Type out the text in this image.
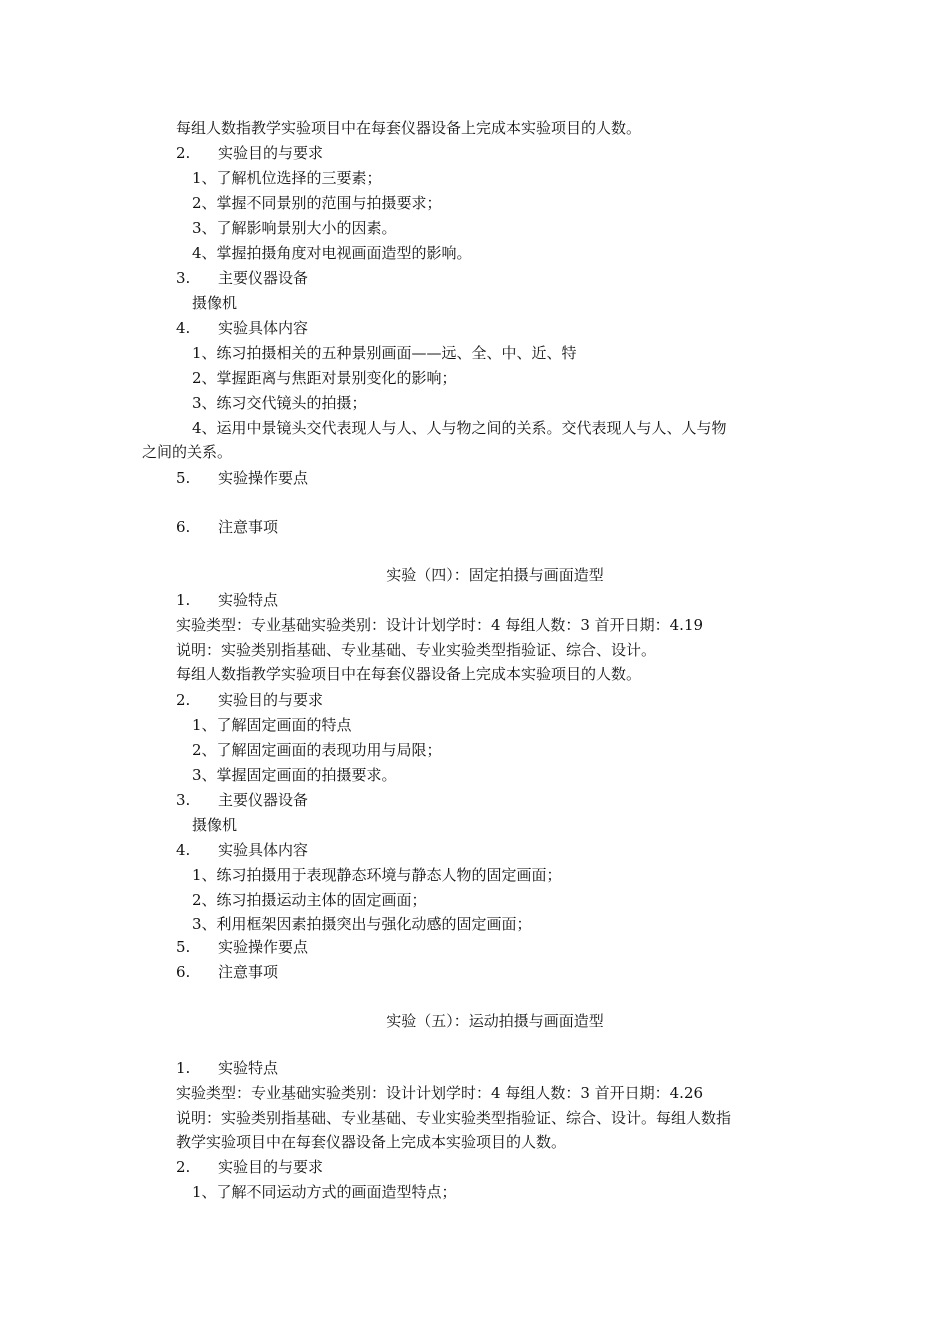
每组人数指教学实验项目中在每套仪器设备上完成本实验项目的人数。
2. 实验目的与要求
1、了解机位选择的三要素；
2、掌握不同景别的范围与拍摄要求；
3、了解影响景别大小的因素。
4、掌握拍摄角度对电视画面造型的影响。
3. 主要仪器设备
摄像机
4. 实验具体内容
1、练习拍摄相关的五种景别画面——远、全、中、近、特
2、掌握距离与焦距对景别变化的影响；
3、练习交代镜头的拍摄；
4、运用中景镜头交代表现人与人、人与物之间的关系。交代表现人与人、人与物
之间的关系。
5. 实验操作要点
6. 注意事项
实验（四）：固定拍摄与画面造型
1. 实验特点
实验类型：专业基础实验类别：设计计划学时：4 每组人数：3 首开日期：4.19
说明：实验类别指基础、专业基础、专业实验类型指验证、综合、设计。
每组人数指教学实验项目中在每套仪器设备上完成本实验项目的人数。
2. 实验目的与要求
1、了解固定画面的特点
2、了解固定画面的表现功用与局限；
3、掌握固定画面的拍摄要求。
3. 主要仪器设备
摄像机
4. 实验具体内容
1、练习拍摄用于表现静态环境与静态人物的固定画面；
2、练习拍摄运动主体的固定画面；
3、利用框架因素拍摄突出与强化动感的固定画面；
5. 实验操作要点
6. 注意事项
实验（五）：运动拍摄与画面造型
1. 实验特点
实验类型：专业基础实验类别：设计计划学时：4 每组人数：3 首开日期：4.26
说明：实验类别指基础、专业基础、专业实验类型指验证、综合、设计。每组人数指
教学实验项目中在每套仪器设备上完成本实验项目的人数。
2. 实验目的与要求
1、了解不同运动方式的画面造型特点；
